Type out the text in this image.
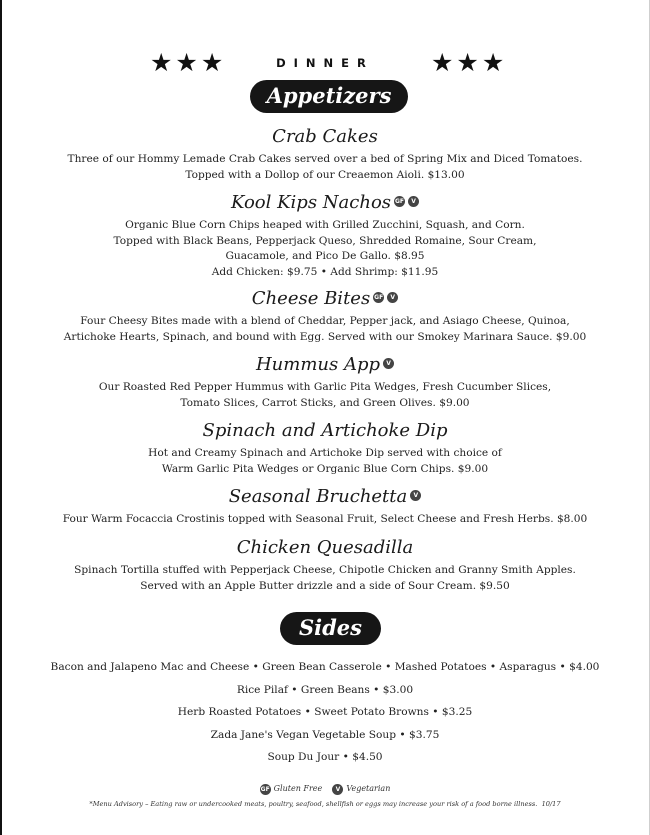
★★★	DINNER	★★★
Appetizers
Crab Cakes
Three of our Hommy Lemade Crab Cakes served over a bed of Spring Mix and Diced Tomatoes.
Topped with a Dollop of our Creaemon Aioli. $13.00
Kool Kips Nachos GF V
Organic Blue Corn Chips heaped with Grilled Zucchini, Squash, and Corn.
Topped with Black Beans, Pepperjack Queso, Shredded Romaine, Sour Cream,
Guacamole, and Pico De Gallo. $8.95
Add Chicken: $9.75 • Add Shrimp: $11.95
Cheese Bites GF V
Four Cheesy Bites made with a blend of Cheddar, Pepper jack, and Asiago Cheese, Quinoa,
Artichoke Hearts, Spinach, and bound with Egg. Served with our Smokey Marinara Sauce. $9.00
Hummus App V
Our Roasted Red Pepper Hummus with Garlic Pita Wedges, Fresh Cucumber Slices,
Tomato Slices, Carrot Sticks, and Green Olives. $9.00
Spinach and Artichoke Dip
Hot and Creamy Spinach and Artichoke Dip served with choice of
Warm Garlic Pita Wedges or Organic Blue Corn Chips. $9.00
Seasonal Bruchetta V
Four Warm Focaccia Crostinis topped with Seasonal Fruit, Select Cheese and Fresh Herbs. $8.00
Chicken Quesadilla
Spinach Tortilla stuffed with Pepperjack Cheese, Chipotle Chicken and Granny Smith Apples.
Served with an Apple Butter drizzle and a side of Sour Cream. $9.50
Sides
Bacon and Jalapeno Mac and Cheese • Green Bean Casserole • Mashed Potatoes • Asparagus • $4.00
Rice Pilaf • Green Beans • $3.00
Herb Roasted Potatoes • Sweet Potato Browns • $3.25
Zada Jane's Vegan Vegetable Soup • $3.75
Soup Du Jour • $4.50
GF Gluten Free V Vegetarian
*Menu Advisory – Eating raw or undercooked meats, poultry, seafood, shellfish or eggs may increase your risk of a food borne illness. 10/17
